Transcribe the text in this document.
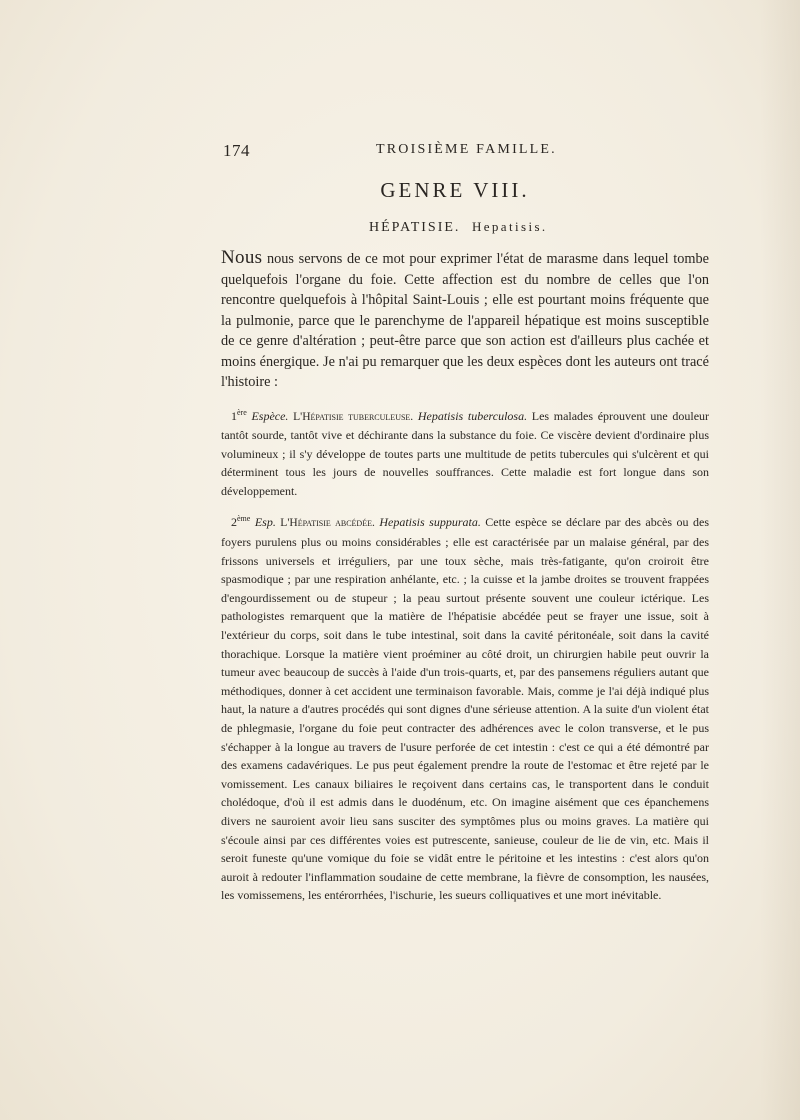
174	TROISIÈME FAMILLE.
GENRE VIII.
HÉPATISIE. Hepatisis.

Nous nous servons de ce mot pour exprimer l'état de marasme dans lequel tombe quelquefois l'organe du foie. Cette affection est du nombre de celles que l'on rencontre quelquefois à l'hôpital Saint-Louis ; elle est pourtant moins fréquente que la pulmonie, parce que le parenchyme de l'appareil hépatique est moins susceptible de ce genre d'altération ; peut-être parce que son action est d'ailleurs plus cachée et moins énergique. Je n'ai pu remarquer que les deux espèces dont les auteurs ont tracé l'histoire :

1ère Espèce. L'Hépatisie tuberculeuse. Hepatisis tuberculosa. Les malades éprouvent une douleur tantôt sourde, tantôt vive et déchirante dans la substance du foie. Ce viscère devient d'ordinaire plus volumineux ; il s'y développe de toutes parts une multitude de petits tubercules qui s'ulcèrent et qui déterminent tous les jours de nouvelles souffrances. Cette maladie est fort longue dans son développement.

2ème Esp. L'Hépatisie abcédée. Hepatisis suppurata. Cette espèce se déclare par des abcès ou des foyers purulens plus ou moins considérables ; elle est caractérisée par un malaise général, par des frissons universels et irréguliers, par une toux sèche, mais très-fatigante, qu'on croiroit être spasmodique ; par une respiration anhélante, etc. ; la cuisse et la jambe droites se trouvent frappées d'engourdissement ou de stupeur ; la peau surtout présente souvent une couleur ictérique. Les pathologistes remarquent que la matière de l'hépatisie abcédée peut se frayer une issue, soit à l'extérieur du corps, soit dans le tube intestinal, soit dans la cavité péritonéale, soit dans la cavité thorachique. Lorsque la matière vient proéminer au côté droit, un chirurgien habile peut ouvrir la tumeur avec beaucoup de succès à l'aide d'un trois-quarts, et, par des pansemens réguliers autant que méthodiques, donner à cet accident une terminaison favorable. Mais, comme je l'ai déjà indiqué plus haut, la nature a d'autres procédés qui sont dignes d'une sérieuse attention. A la suite d'un violent état de phlegmasie, l'organe du foie peut contracter des adhérences avec le colon transverse, et le pus s'échapper à la longue au travers de l'usure perforée de cet intestin : c'est ce qui a été démontré par des examens cadavériques. Le pus peut également prendre la route de l'estomac et être rejeté par le vomissement. Les canaux biliaires le reçoivent dans certains cas, le transportent dans le conduit cholédoque, d'où il est admis dans le duodénum, etc. On imagine aisément que ces épanchemens divers ne sauroient avoir lieu sans susciter des symptômes plus ou moins graves. La matière qui s'écoule ainsi par ces différentes voies est putrescente, sanieuse, couleur de lie de vin, etc. Mais il seroit funeste qu'une vomique du foie se vidât entre le péritoine et les intestins : c'est alors qu'on auroit à redouter l'inflammation soudaine de cette membrane, la fièvre de consomption, les nausées, les vomissemens, les entérorrhées, l'ischurie, les sueurs colliquatives et une mort inévitable.
